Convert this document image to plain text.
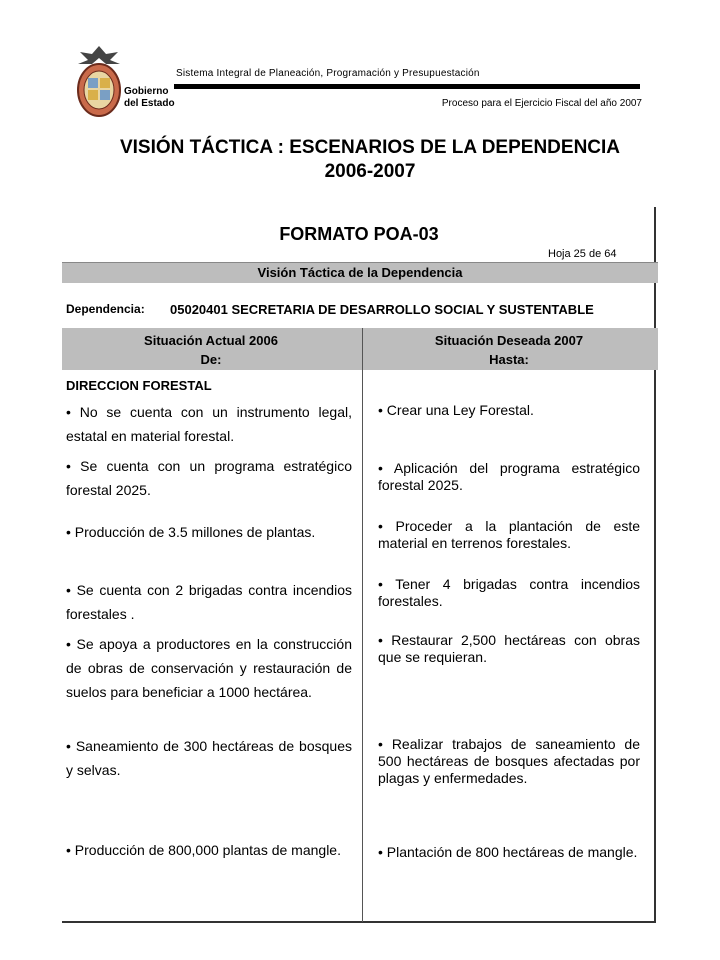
Gobierno
del Estado
Sistema Integral de Planeación, Programación y Presupuestación
Proceso para el Ejercicio Fiscal del año 2007
VISIÓN TÁCTICA : ESCENARIOS DE LA DEPENDENCIA
2006-2007
FORMATO POA-03
Hoja 25 de 64
Visión Táctica de la Dependencia
Dependencia: 05020401 SECRETARIA DE DESARROLLO SOCIAL Y SUSTENTABLE
Situación Actual 2006
De:
Situación Deseada 2007
Hasta:
DIRECCION FORESTAL
• No se cuenta con un instrumento legal, estatal en material forestal.
• Se cuenta con un programa estratégico forestal 2025.
• Producción de 3.5 millones de plantas.
• Se cuenta con 2 brigadas contra incendios forestales .
• Se apoya a productores en la construcción de obras de conservación y restauración de suelos para beneficiar a 1000 hectárea.
• Saneamiento de 300 hectáreas de bosques y selvas.
• Producción de 800,000 plantas de mangle.
• Crear una Ley Forestal.
• Aplicación del programa estratégico forestal 2025.
• Proceder a la plantación de este material en terrenos forestales.
• Tener 4 brigadas contra incendios forestales.
• Restaurar 2,500 hectáreas con obras que se requieran.
• Realizar trabajos de saneamiento de 500 hectáreas de bosques afectadas por plagas y enfermedades.
• Plantación de 800 hectáreas de mangle.
